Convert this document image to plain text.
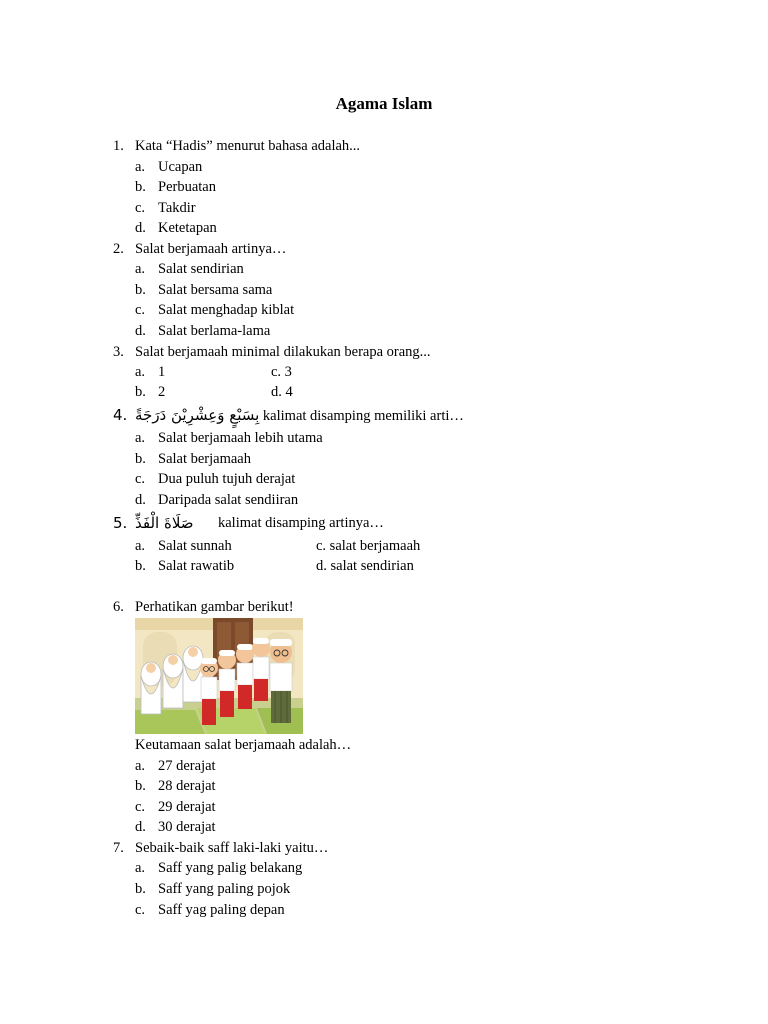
Agama Islam
1. Kata “Hadis” menurut bahasa adalah...
a. Ucapan
b. Perbuatan
c. Takdir
d. Ketetapan
2. Salat berjamaah artinya…
a. Salat sendirian
b. Salat bersama sama
c. Salat menghadap kiblat
d. Salat berlama-lama
3. Salat berjamaah minimal dilakukan berapa orang...
a. 1	c. 3
b. 2	d. 4
4. بِسَبْعٍ وَعِشْرِيْنَ دَرَجَةً kalimat disamping memiliki arti…
a. Salat berjamaah lebih utama
b. Salat berjamaah
c. Dua puluh tujuh derajat
d. Daripada salat sendiiran
5. صَلَاةَ الْفَذِّ kalimat disamping artinya…
a. Salat sunnah	c. salat berjamaah
b. Salat rawatib	d. salat sendirian
6. Perhatikan gambar berikut!
Keutamaan salat berjamaah adalah…
a. 27 derajat
b. 28 derajat
c. 29 derajat
d. 30 derajat
7. Sebaik-baik saff laki-laki yaitu…
a. Saff yang palig belakang
b. Saff yang paling pojok
c. Saff yag paling depan
